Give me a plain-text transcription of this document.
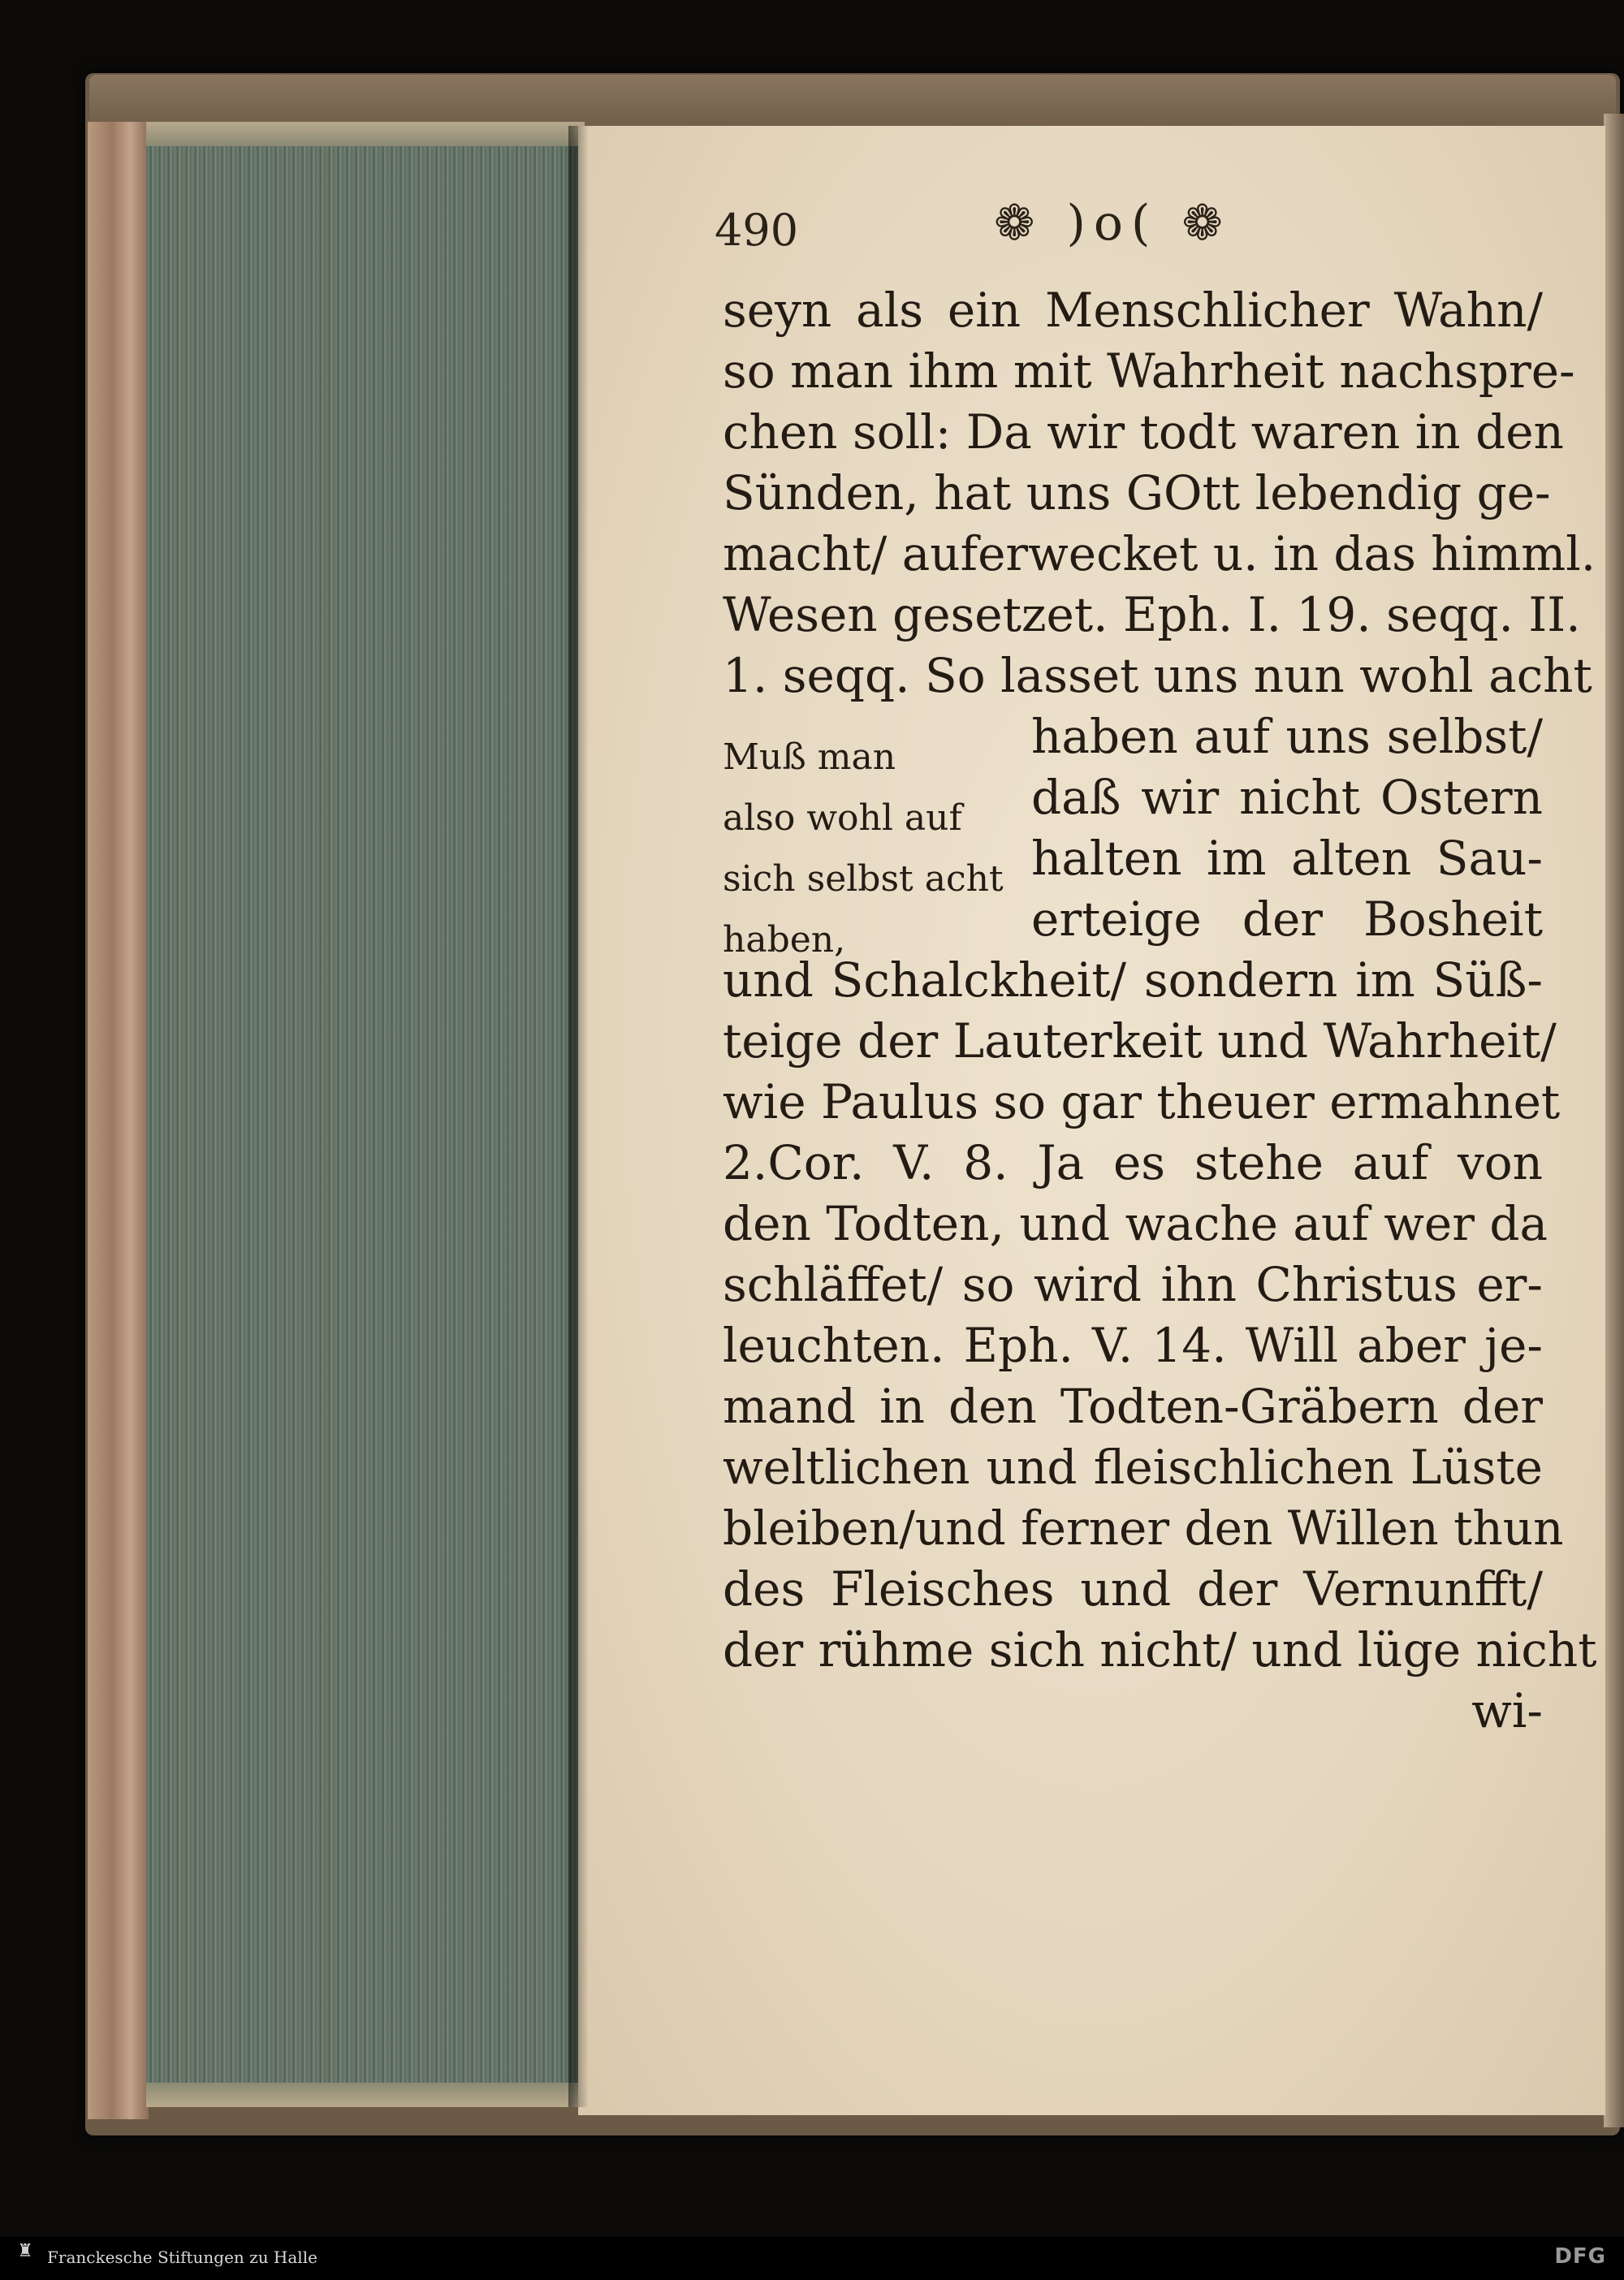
490	❁ )o( ❁
seyn als ein Menschlicher Wahn/
so man ihm mit Wahrheit nachspre-
chen soll: Da wir todt waren in den
Sünden, hat uns GOtt lebendig ge-
macht/ auferwecket u. in das himml.
Wesen gesetzet. Eph. I. 19. seqq. II.
1. seqq. So lasset uns nun wohl acht
haben auf uns selbst/
daß wir nicht Ostern
halten im alten Sau-
erteige der Bosheit
und Schalckheit/ sondern im Süß-
teige der Lauterkeit und Wahrheit/
wie Paulus so gar theuer ermahnet
2.Cor. V. 8. Ja es stehe auf von
den Todten, und wache auf wer da
schläffet/ so wird ihn Christus er-
leuchten. Eph. V. 14. Will aber je-
mand in den Todten-Gräbern der
weltlichen und fleischlichen Lüste
bleiben/und ferner den Willen thun
des Fleisches und der Vernunfft/
der rühme sich nicht/ und lüge nicht
wi-
Muß man
also wohl auf
sich selbst acht
haben,
♜ Franckesche Stiftungen zu Halle	DFG
